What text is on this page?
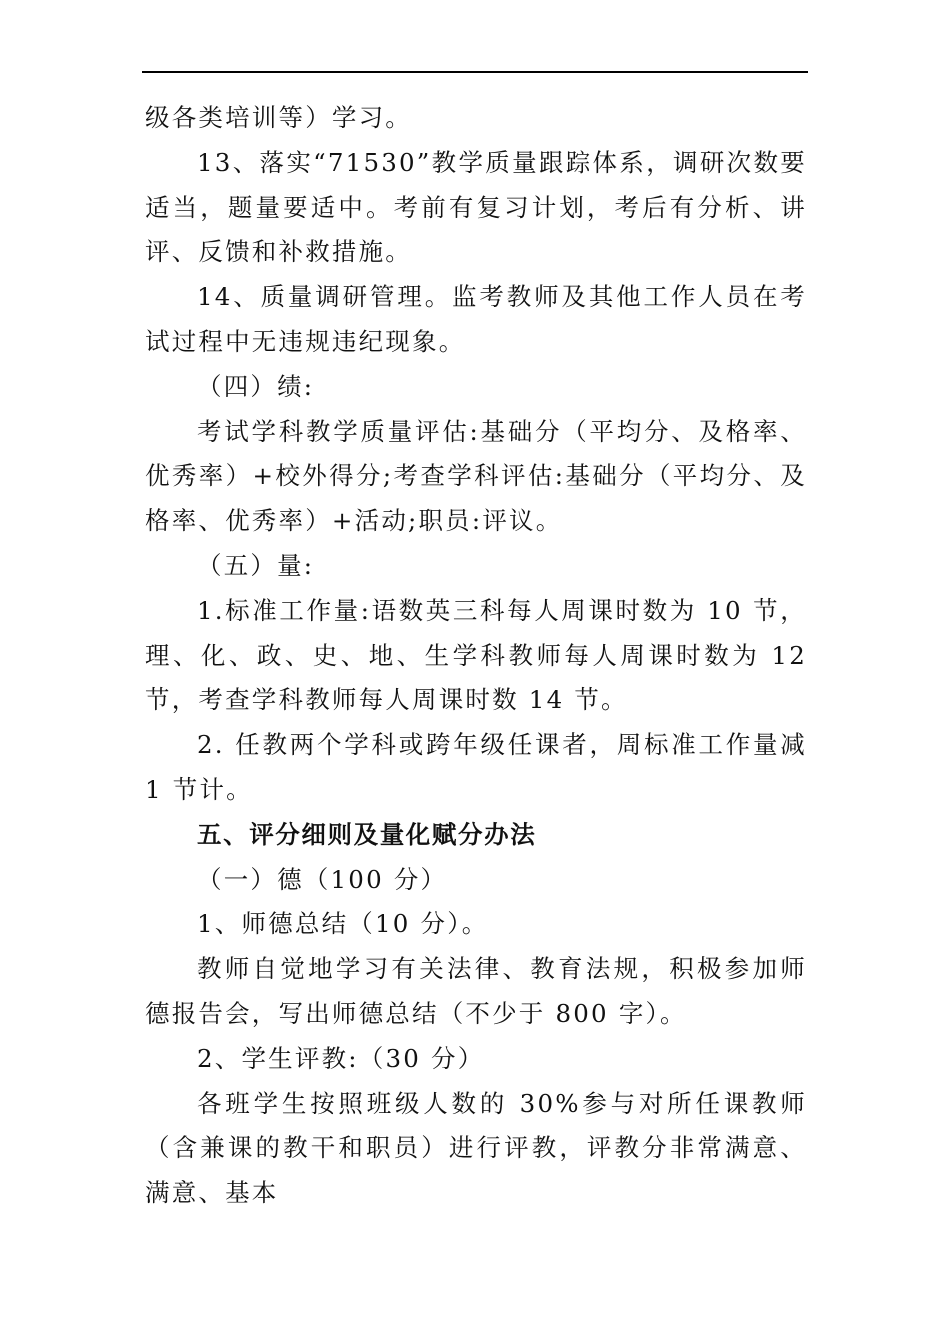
级各类培训等）学习。

13、落实“71530”教学质量跟踪体系，调研次数要适当，题量要适中。考前有复习计划，考后有分析、讲评、反馈和补救措施。

14、质量调研管理。监考教师及其他工作人员在考试过程中无违规违纪现象。

（四）绩:

考试学科教学质量评估:基础分（平均分、及格率、优秀率）+校外得分;考查学科评估:基础分（平均分、及格率、优秀率）+活动;职员:评议。

（五）量:

1.标准工作量:语数英三科每人周课时数为 10 节，理、化、政、史、地、生学科教师每人周课时数为 12 节，考查学科教师每人周课时数 14 节。

2. 任教两个学科或跨年级任课者，周标准工作量减 1 节计。

五、评分细则及量化赋分办法

（一）德（100 分）

1、师德总结（10 分）。

教师自觉地学习有关法律、教育法规，积极参加师德报告会，写出师德总结（不少于 800 字）。

2、学生评教:（30 分）

各班学生按照班级人数的 30%参与对所任课教师（含兼课的教干和职员）进行评教，评教分非常满意、满意、基本
